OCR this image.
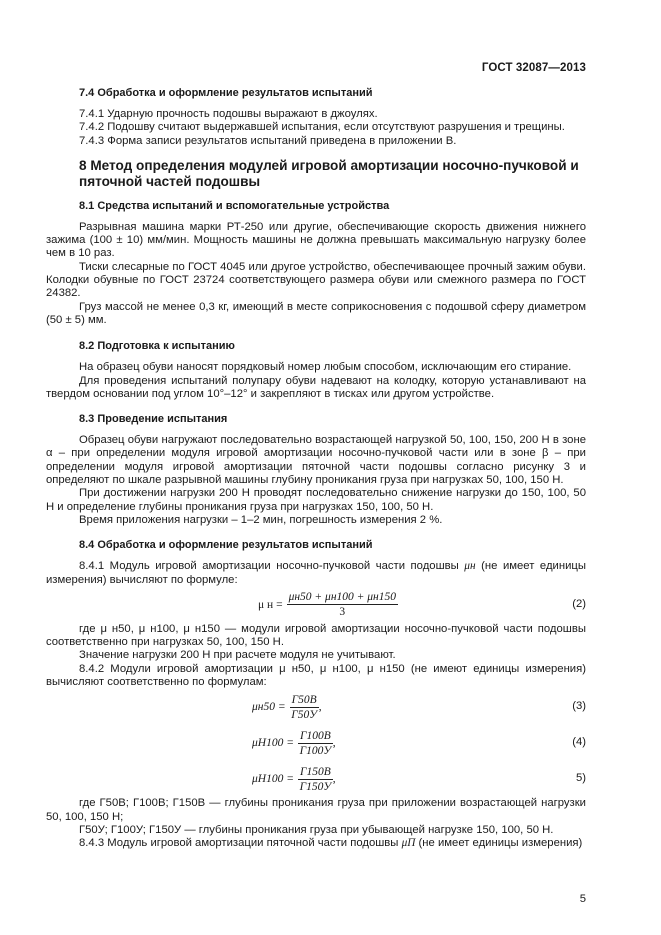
ГОСТ 32087—2013
7.4 Обработка и оформление результатов испытаний

7.4.1 Ударную прочность подошвы выражают в джоулях.

7.4.2 Подошву считают выдержавшей испытания, если отсутствуют разрушения и трещины.

7.4.3 Форма записи результатов испытаний приведена в приложении В.

8 Метод определения модулей игровой амортизации носочно-пучковой и пяточной частей подошвы
8.1 Средства испытаний и вспомогательные устройства

Разрывная машина марки РТ-250 или другие, обеспечивающие скорость движения нижнего зажима (100 ± 10) мм/мин. Мощность машины не должна превышать максимальную нагрузку более чем в 10 раз.

Тиски слесарные по ГОСТ 4045 или другое устройство, обеспечивающее прочный зажим обуви. Колодки обувные по ГОСТ 23724 соответствующего размера обуви или смежного размера по ГОСТ 24382.

Груз массой не менее 0,3 кг, имеющий в месте соприкосновения с подошвой сферу диаметром (50 ± 5) мм.

8.2 Подготовка к испытанию

На образец обуви наносят порядковый номер любым способом, исключающим его стирание.

Для проведения испытаний полупару обуви надевают на колодку, которую устанавливают на твердом основании под углом 10°–12° и закрепляют в тисках или другом устройстве.

8.3 Проведение испытания

Образец обуви нагружают последовательно возрастающей нагрузкой 50, 100, 150, 200 Н в зоне α – при определении модуля игровой амортизации носочно-пучковой части или в зоне β – при определении модуля игровой амортизации пяточной части подошвы согласно рисунку 3 и определяют по шкале разрывной машины глубину проникания груза при нагрузках 50, 100, 150 Н.

При достижении нагрузки 200 Н проводят последовательно снижение нагрузки до 150, 100, 50 Н и определение глубины проникания груза при нагрузках 150, 100, 50 Н.

Время приложения нагрузки – 1–2 мин, погрешность измерения 2 %.

8.4 Обработка и оформление результатов испытаний

8.4.1 Модуль игровой амортизации носочно-пучковой части подошвы μн (не имеет единицы измерения) вычисляют по формуле:

μ $н = \frac{\mu н50 + \mu н100 + \mu н150}{3}$	(2)

где μ н50, μ н100, μ н150 — модули игровой амортизации носочно-пучковой части подошвы соответственно при нагрузках 50, 100, 150 Н.

Значение нагрузки 200 Н при расчете модуля не учитывают.

8.4.2 Модули игровой амортизации μ н50, μ н100, μ н150 (не имеют единицы измерения) вычисляют соответственно по формулам:

$\mu н50 = \frac{Г50В}{Г50У}$ ,	(3)
$\mu Н100 = \frac{Г100В}{Г100У}$ ,	(4)
$\mu Н100 = \frac{Г150В}{Г150У}$ ,	5)

где Г50В; Г100В; Г150В — глубины проникания груза при приложении возрастающей нагрузки 50, 100, 150 Н;

Г50У; Г100У; Г150У — глубины проникания груза при убывающей нагрузке 150, 100, 50 Н.

8.4.3 Модуль игровой амортизации пяточной части подошвы μП (не имеет единицы измерения)

5
